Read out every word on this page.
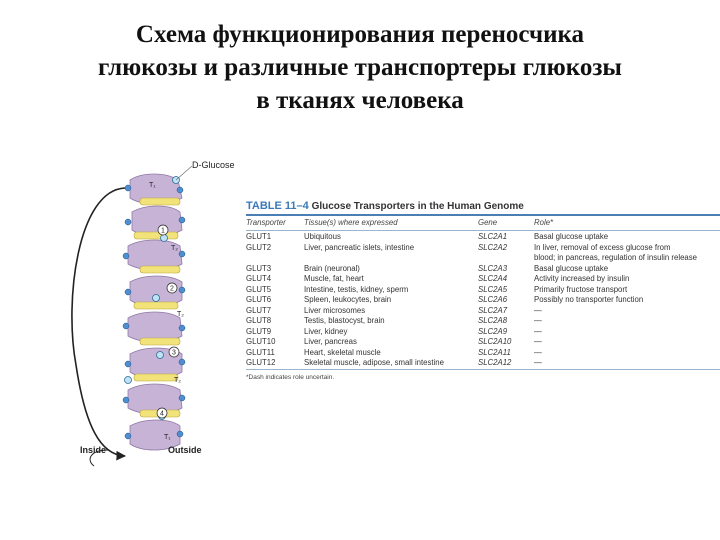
Схема функционирования переносчика
глюкозы и различные транспортеры глюкозы
в тканях человека
D-Glucose
1
2
3
4
T₁
T₂
T₂
T₂
T₁
Inside	Outside
TABLE 11–4 Glucose Transporters in the Human Genome
Transporter	Tissue(s) where expressed	Gene	Role*

GLUT1	Ubiquitous	SLC2A1	Basal glucose uptake
GLUT2	Liver, pancreatic islets, intestine	SLC2A2	In liver, removal of excess glucose from
			blood; in pancreas, regulation of insulin release
GLUT3	Brain (neuronal)	SLC2A3	Basal glucose uptake
GLUT4	Muscle, fat, heart	SLC2A4	Activity increased by insulin
GLUT5	Intestine, testis, kidney, sperm	SLC2A5	Primarily fructose transport
GLUT6	Spleen, leukocytes, brain	SLC2A6	Possibly no transporter function
GLUT7	Liver microsomes	SLC2A7	—
GLUT8	Testis, blastocyst, brain	SLC2A8	—
GLUT9	Liver, kidney	SLC2A9	—
GLUT10	Liver, pancreas	SLC2A10	—
GLUT11	Heart, skeletal muscle	SLC2A11	—
GLUT12	Skeletal muscle, adipose, small intestine	SLC2A12	—
*Dash indicates role uncertain.
